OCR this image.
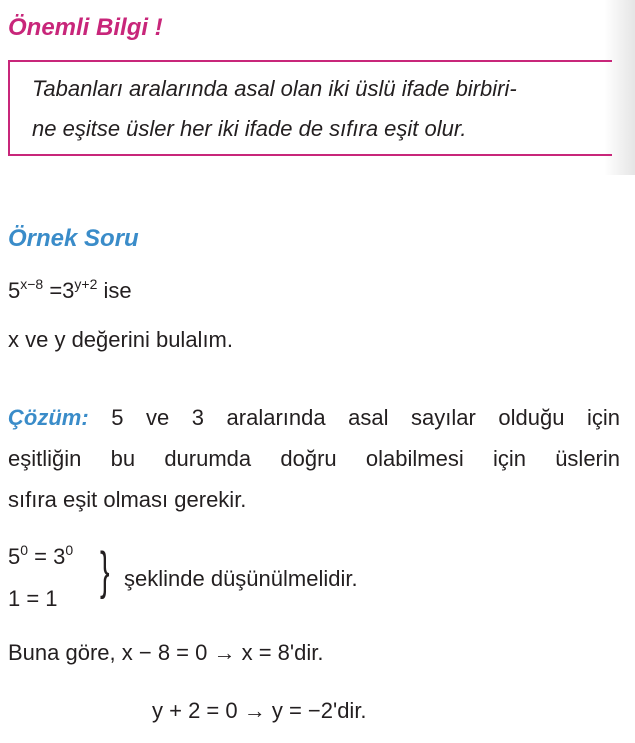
Önemli Bilgi !
Tabanları aralarında asal olan iki üslü ifade birbiri-
ne eşitse üsler her iki ifade de sıfıra eşit olur.
Örnek Soru
$5^{x-8} =3^{y+2}$ ise
x ve y değerini bulalım.
Çözüm: 5 ve 3 aralarında asal sayılar olduğu için
eşitliğin bu durumda doğru olabilmesi için üslerin
sıfıra eşit olması gerekir.
$5^0 = 3^0$
1 = 1 } şeklinde düşünülmelidir.
Buna göre, x − 8 = 0 → x = 8'dir.
y + 2 = 0 → y = −2'dir.
